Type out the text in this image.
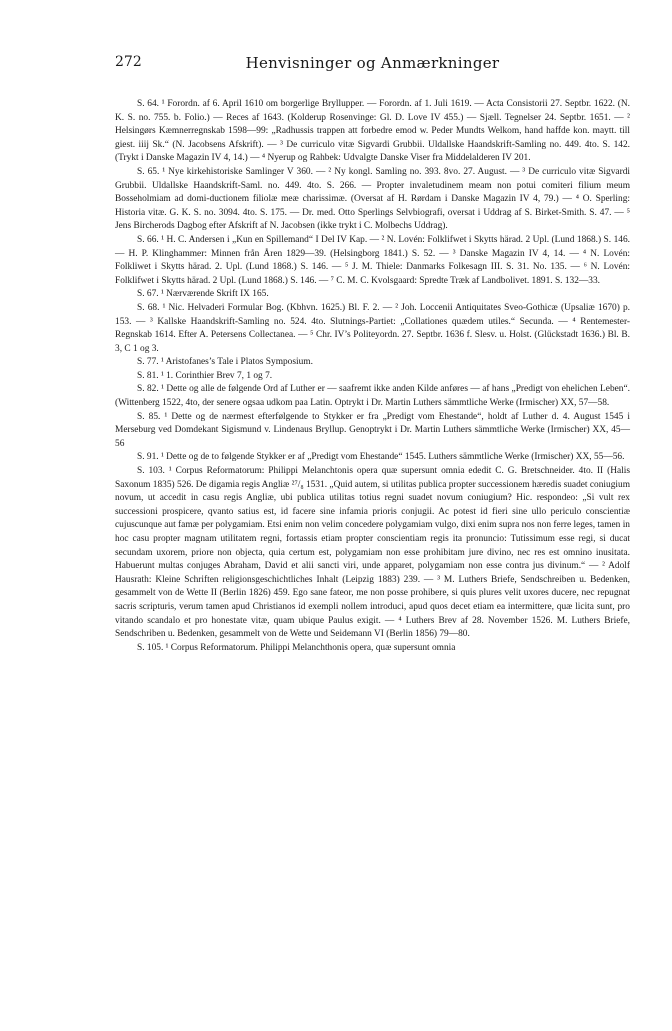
272	Henvisninger og Anmærkninger

S. 64. ¹ Forordn. af 6. April 1610 om borgerlige Bryllupper. — Forordn. af 1. Juli 1619. — Acta Consistorii 27. Septbr. 1622. (N. K. S. no. 755. b. Folio.) — Reces af 1643. (Kolderup Rosenvinge: Gl. D. Love IV 455.) — Sjæll. Tegnelser 24. Septbr. 1651. — ² Helsingørs Kæmnerregnskab 1598—99: „Radhussis trappen att forbedre emod w. Peder Mundts Welkom, hand haffde kon. maytt. till giest. iiij Sk.“ (N. Jacobsens Afskrift). — ³ De curriculo vitæ Sigvardi Grubbii. Uldallske Haandskrift-Samling no. 449. 4to. S. 142. (Trykt i Danske Magazin IV 4, 14.) — ⁴ Nyerup og Rahbek: Udvalgte Danske Viser fra Middelalderen IV 201.

S. 65. ¹ Nye kirkehistoriske Samlinger V 360. — ² Ny kongl. Samling no. 393. 8vo. 27. August. — ³ De curriculo vitæ Sigvardi Grubbii. Uldallske Haandskrift-Saml. no. 449. 4to. S. 266. — Propter invaletudinem meam non potui comiteri filium meum Bosseholmiam ad domi-ductionem filiolæ meæ charissimæ. (Oversat af H. Rørdam i Danske Magazin IV 4, 79.) — ⁴ O. Sperling: Historia vitæ. G. K. S. no. 3094. 4to. S. 175. — Dr. med. Otto Sperlings Selvbiografi, oversat i Uddrag af S. Birket-Smith. S. 47. — ⁵ Jens Bircherods Dagbog efter Afskrift af N. Jacobsen (ikke trykt i C. Molbechs Uddrag).

S. 66. ¹ H. C. Andersen i „Kun en Spillemand“ I Del IV Kap. — ² N. Lovén: Folklifwet i Skytts härad. 2 Upl. (Lund 1868.) S. 146. — H. P. Klinghammer: Minnen från Åren 1829—39. (Helsingborg 1841.) S. 52. — ³ Danske Magazin IV 4, 14. — ⁴ N. Lovén: Folkliwet i Skytts härad. 2. Upl. (Lund 1868.) S. 146. — ⁵ J. M. Thiele: Danmarks Folkesagn III. S. 31. No. 135. — ⁶ N. Lovén: Folklifwet i Skytts härad. 2 Upl. (Lund 1868.) S. 146. — ⁷ C. M. C. Kvolsgaard: Spredte Træk af Landbolivet. 1891. S. 132—33.

S. 67. ¹ Nærværende Skrift IX 165.

S. 68. ¹ Nic. Helvaderi Formular Bog. (Kbhvn. 1625.) Bl. F. 2. — ² Joh. Loccenii Antiquitates Sveo-Gothicæ (Upsaliæ 1670) p. 153. — ³ Kallske Haandskrift-Samling no. 524. 4to. Slutnings-Partiet: „Collationes quædem utiles.“ Secunda. — ⁴ Rentemester-Regnskab 1614. Efter A. Petersens Collectanea. — ⁵ Chr. IV’s Politeyordn. 27. Septbr. 1636 f. Slesv. u. Holst. (Glückstadt 1636.) Bl. B. 3, C 1 og 3.

S. 77. ¹ Aristofanes’s Tale i Platos Symposium.

S. 81. ¹ 1. Corinthier Brev 7, 1 og 7.

S. 82. ¹ Dette og alle de følgende Ord af Luther er — saafremt ikke anden Kilde anføres — af hans „Predigt von ehelichen Leben“. (Wittenberg 1522, 4to, der senere ogsaa udkom paa Latin. Optrykt i Dr. Martin Luthers sämmtliche Werke (Irmischer) XX, 57—58.

S. 85. ¹ Dette og de nærmest efterfølgende to Stykker er fra „Predigt vom Ehestande“, holdt af Luther d. 4. August 1545 i Merseburg ved Domdekant Sigismund v. Lindenaus Bryllup. Genoptrykt i Dr. Martin Luthers sämmtliche Werke (Irmischer) XX, 45—56

S. 91. ¹ Dette og de to følgende Stykker er af „Predigt vom Ehestande“ 1545. Luthers sämmtliche Werke (Irmischer) XX, 55—56.

S. 103. ¹ Corpus Reformatorum: Philippi Melanchtonis opera quæ supersunt omnia ededit C. G. Bretschneider. 4to. II (Halis Saxonum 1835) 526. De digamia regis Angliæ ²⁷/₈ 1531. „Quid autem, si utilitas publica propter successionem hæredis suadet coniugium novum, ut accedit in casu regis Angliæ, ubi publica utilitas totius regni suadet novum coniugium? Hic. respondeo: „Si vult rex successioni prospicere, qvanto satius est, id facere sine infamia prioris conjugii. Ac potest id fieri sine ullo periculo conscientiæ cujuscunque aut famæ per polygamiam. Etsi enim non velim concedere polygamiam vulgo, dixi enim supra nos non ferre leges, tamen in hoc casu propter magnam utilitatem regni, fortassis etiam propter conscientiam regis ita pronuncio: Tutissimum esse regi, si ducat secundam uxorem, priore non objecta, quia certum est, polygamiam non esse prohibitam jure divino, nec res est omnino inusitata. Habuerunt multas conjuges Abraham, David et alii sancti viri, unde apparet, polygamiam non esse contra jus divinum.“ — ² Adolf Hausrath: Kleine Schriften religionsgeschichtliches Inhalt (Leipzig 1883) 239. — ³ M. Luthers Briefe, Sendschreiben u. Bedenken, gesammelt von de Wette II (Berlin 1826) 459. Ego sane fateor, me non posse prohibere, si quis plures velit uxores ducere, nec repugnat sacris scripturis, verum tamen apud Christianos id exempli nollem introduci, apud quos decet etiam ea intermittere, quæ licita sunt, pro vitando scandalo et pro honestate vitæ, quam ubique Paulus exigit. — ⁴ Luthers Brev af 28. November 1526. M. Luthers Briefe, Sendschriben u. Bedenken, gesammelt von de Wette und Seidemann VI (Berlin 1856) 79—80.

S. 105. ¹ Corpus Reformatorum. Philippi Melanchthonis opera, quæ supersunt omnia
